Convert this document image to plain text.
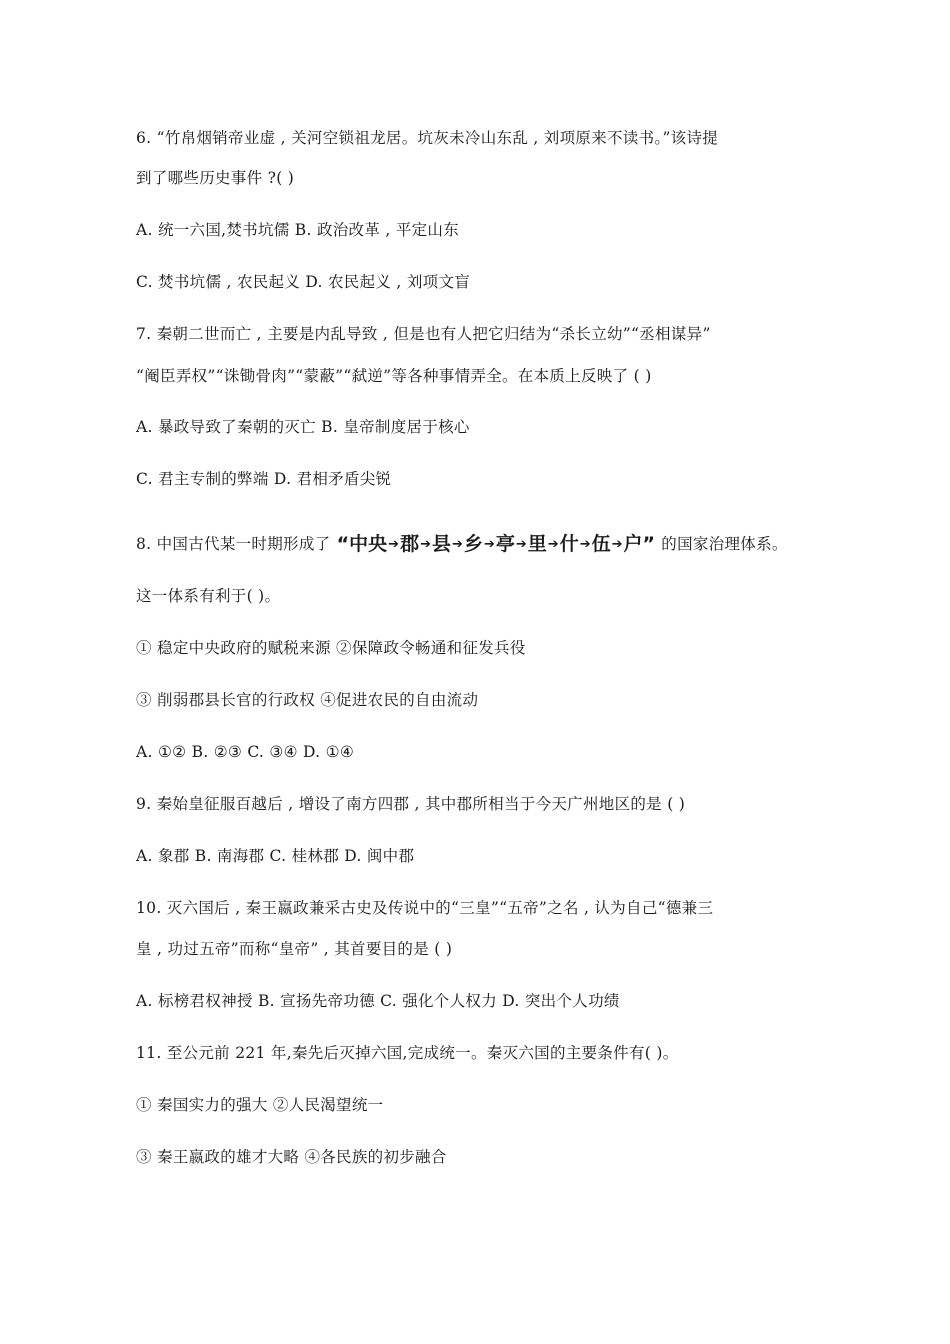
6. “竹帛烟销帝业虚 , 关河空锁祖龙居。坑灰未冷山东乱 , 刘项原来不读书。”该诗提
到了哪些历史事件 ?( )
A. 统一六国,焚书坑儒 B. 政治改革 , 平定山东
C. 焚书坑儒 , 农民起义 D. 农民起义 , 刘项文盲
7. 秦朝二世而亡 , 主要是内乱导致 , 但是也有人把它归结为“杀长立幼”“丞相谋异”
“阉臣弄权”“诛锄骨肉”“蒙蔽”“弑逆”等各种事情弄全。在本质上反映了 ( )
A. 暴政导致了秦朝的灭亡 B. 皇帝制度居于核心
C. 君主专制的弊端 D. 君相矛盾尖锐
8. 中国古代某一时期形成了 “中央➔郡➔县➔乡➔亭➔里➔什➔伍➔户” 的国家治理体系。
这一体系有利于( )。
① 稳定中央政府的赋税来源 ②保障政令畅通和征发兵役
③ 削弱郡县长官的行政权 ④促进农民的自由流动
A. ①② B. ②③ C. ③④ D. ①④
9. 秦始皇征服百越后 , 增设了南方四郡 , 其中郡所相当于今天广州地区的是 ( )
A. 象郡 B. 南海郡 C. 桂林郡 D. 闽中郡
10. 灭六国后 , 秦王嬴政兼采古史及传说中的“三皇”“五帝”之名 , 认为自己“德兼三
皇 , 功过五帝”而称“皇帝” , 其首要目的是 ( )
A. 标榜君权神授 B. 宣扬先帝功德 C. 强化个人权力 D. 突出个人功绩
11. 至公元前 221 年,秦先后灭掉六国,完成统一。秦灭六国的主要条件有( )。
① 秦国实力的强大 ②人民渴望统一
③ 秦王嬴政的雄才大略 ④各民族的初步融合
